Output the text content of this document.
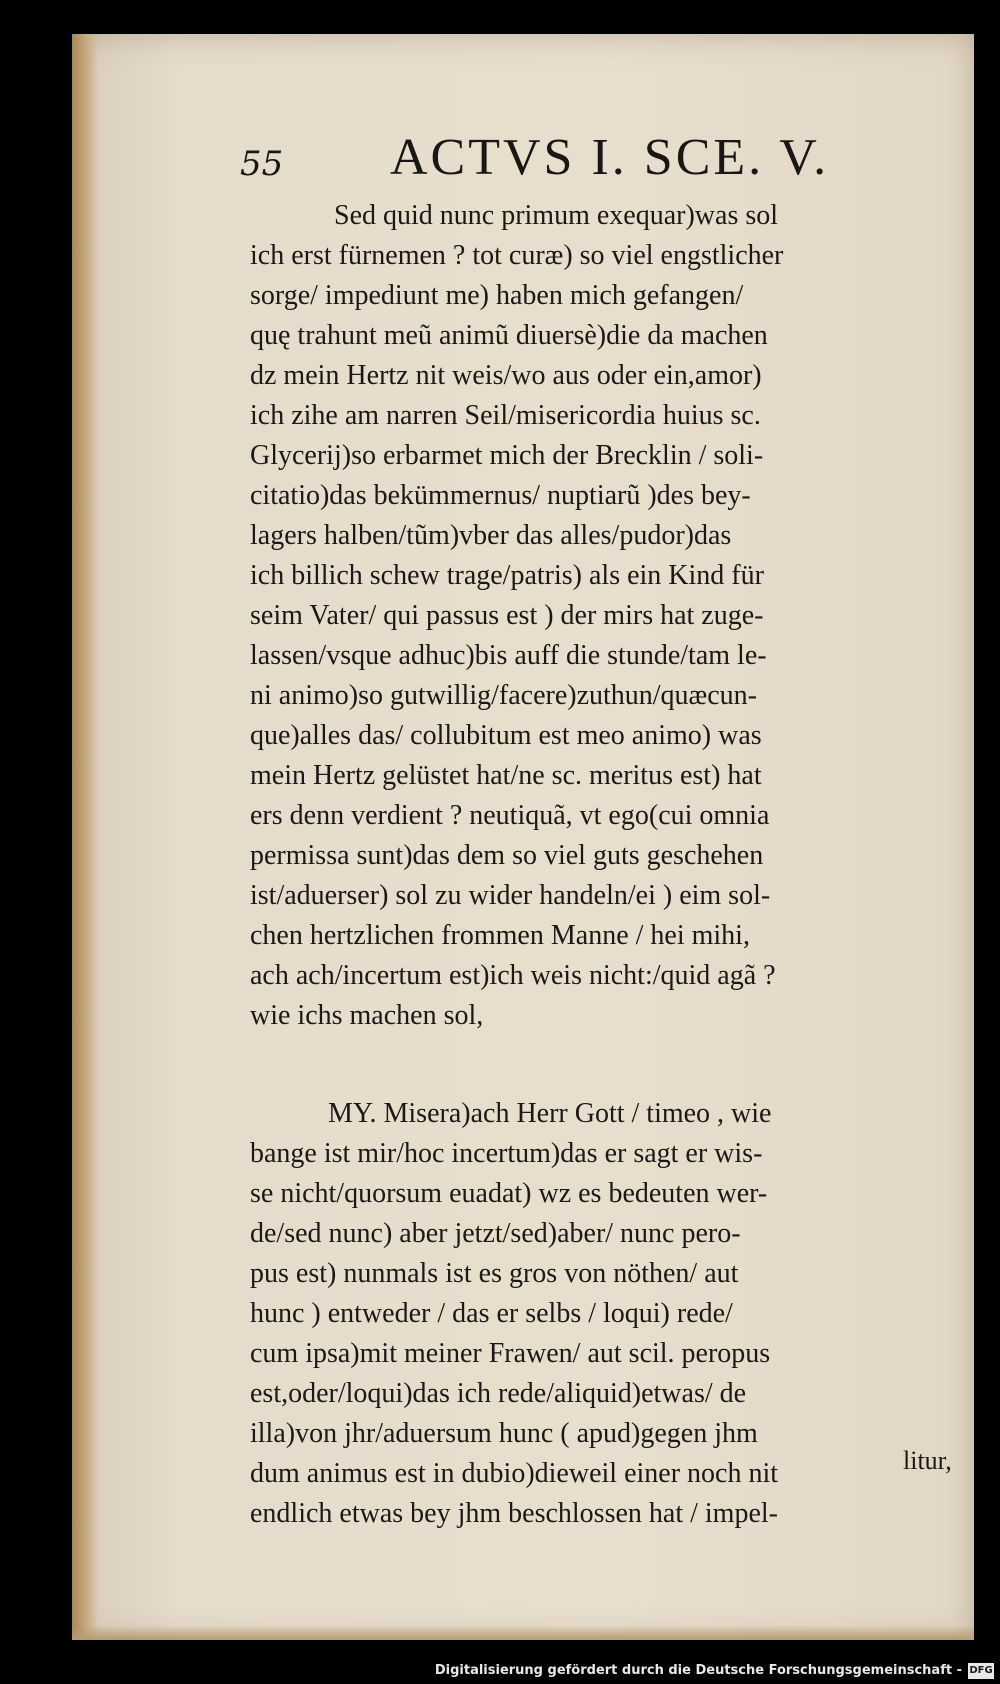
55 ACTVS I. SCE. V.
Sed quid nunc primum exequar)was sol
ich erst fürnemen ? tot curæ) so viel engstlicher
sorge/ impediunt me) haben mich gefangen/
quę trahunt meũ animũ diuersè)die da machen
dz mein Hertz nit weis/wo aus oder ein,amor)
ich zihe am narren Seil/misericordia huius sc.
Glycerij)so erbarmet mich der Brecklin / soli-
citatio)das bekümmernus/ nuptiarũ )des bey-
lagers halben/tũm)vber das alles/pudor)das
ich billich schew trage/patris) als ein Kind für
seim Vater/ qui passus est ) der mirs hat zuge-
lassen/vsque adhuc)bis auff die stunde/tam le-
ni animo)so gutwillig/facere)zuthun/quæcun-
que)alles das/ collubitum est meo animo) was
mein Hertz gelüstet hat/ne sc. meritus est) hat
ers denn verdient ? neutiquã, vt ego(cui omnia
permissa sunt)das dem so viel guts geschehen
ist/aduerser) sol zu wider handeln/ei ) eim sol-
chen hertzlichen frommen Manne / hei mihi,
ach ach/incertum est)ich weis nicht:/quid agã ?
wie ichs machen sol,
MY. Misera)ach Herr Gott / timeo , wie
bange ist mir/hoc incertum)das er sagt er wis-
se nicht/quorsum euadat) wz es bedeuten wer-
de/sed nunc) aber jetzt/sed)aber/ nunc pero-
pus est) nunmals ist es gros von nöthen/ aut
hunc ) entweder / das er selbs / loqui) rede/
cum ipsa)mit meiner Frawen/ aut scil. peropus
est,oder/loqui)das ich rede/aliquid)etwas/ de
illa)von jhr/aduersum hunc ( apud)gegen jhm
dum animus est in dubio)dieweil einer noch nit
endlich etwas bey jhm beschlossen hat / impel-
litur,
Digitalisierung gefördert durch die Deutsche Forschungsgemeinschaft - DFG
